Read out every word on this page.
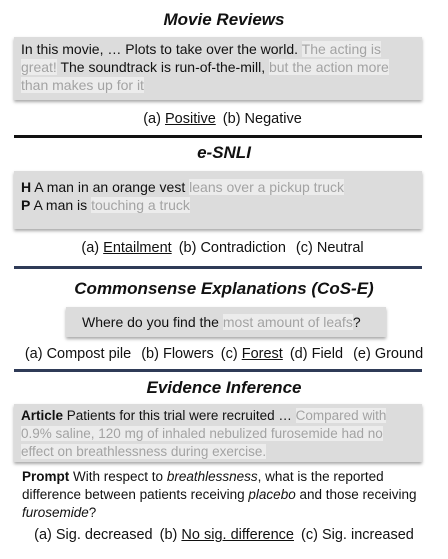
Movie Reviews
In this movie, … Plots to take over the world. The acting is great! The soundtrack is run-of-the-mill, but the action more than makes up for it
(a) Positive (b) Negative
e-SNLI
H A man in an orange vest leans over a pickup truck
P A man is touching a truck
(a) Entailment (b) Contradiction (c) Neutral
Commonsense Explanations (CoS-E)
Where do you find the most amount of leafs?
(a) Compost pile (b) Flowers (c) Forest (d) Field (e) Ground
Evidence Inference
Article Patients for this trial were recruited … Compared with 0.9% saline, 120 mg of inhaled nebulized furosemide had no effect on breathlessness during exercise.
Prompt With respect to breathlessness, what is the reported difference between patients receiving placebo and those receiving furosemide?
(a) Sig. decreased (b) No sig. difference (c) Sig. increased
